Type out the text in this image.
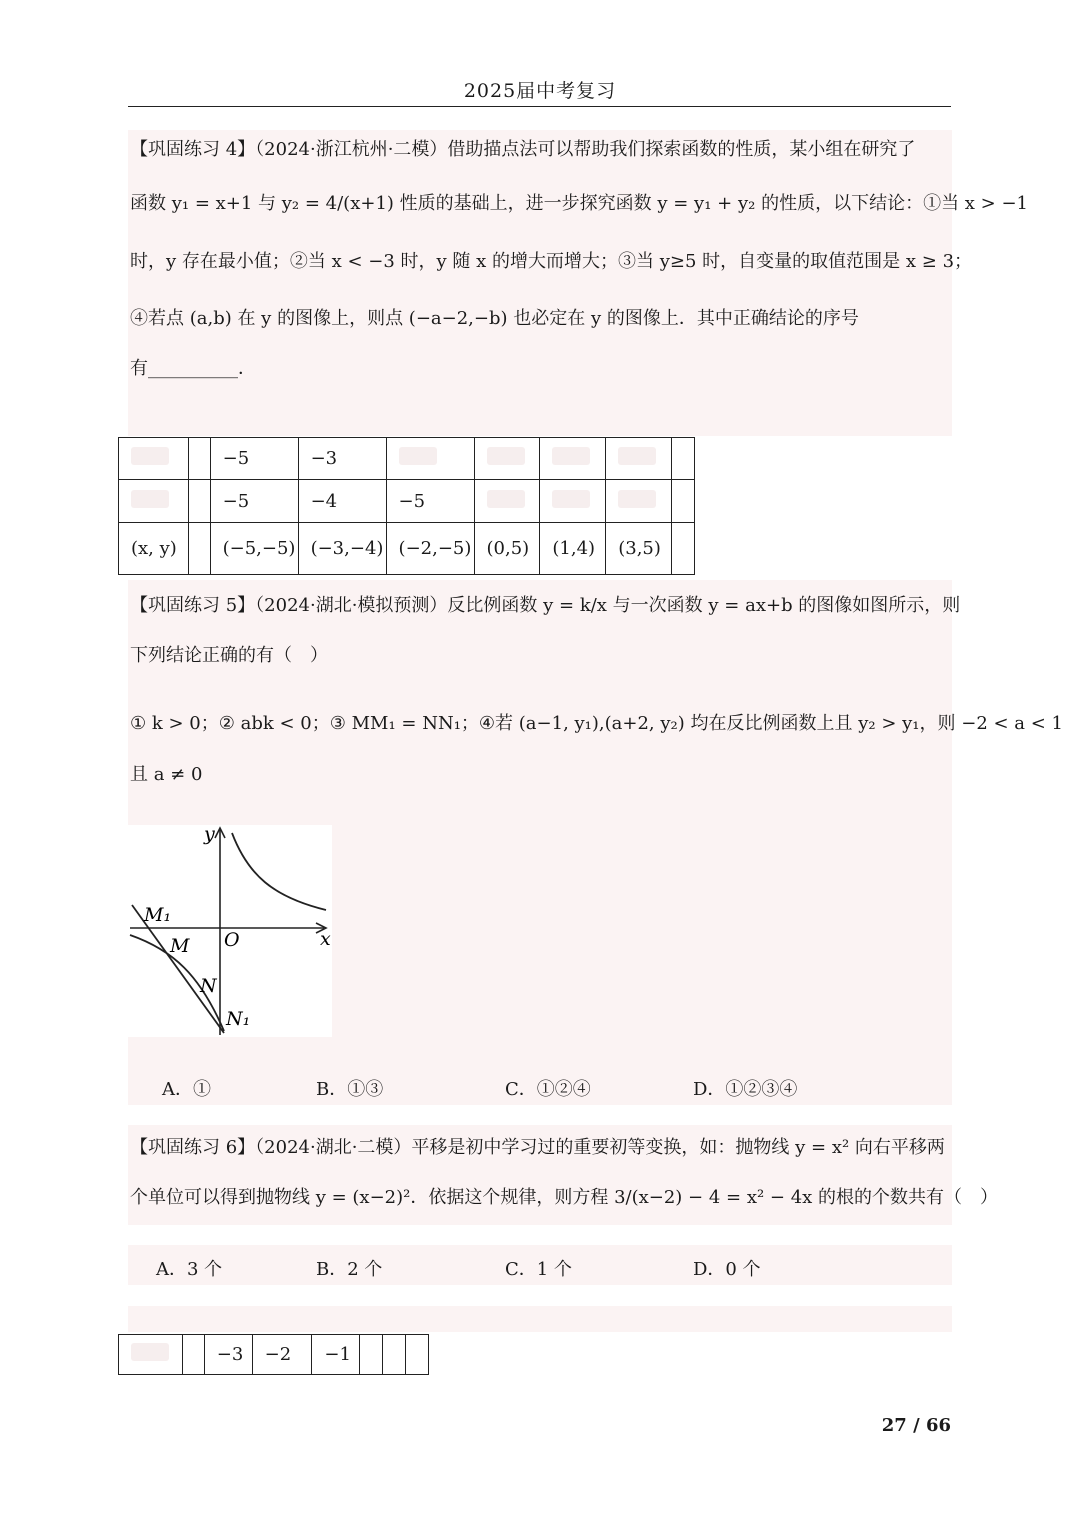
2025届中考复习
【巩固练习 4】（2024·浙江杭州·二模）借助描点法可以帮助我们探索函数的性质，某小组在研究了
函数 y₁ = x+1 与 y₂ = 4/(x+1) 性质的基础上，进一步探究函数 y = y₁ + y₂ 的性质，以下结论：①当 x > −1
时，y 存在最小值；②当 x < −3 时，y 随 x 的增大而增大；③当 y≥5 时，自变量的取值范围是 x ≥ 3；
④若点 (a,b) 在 y 的图像上，则点 (−a−2,−b) 也必定在 y 的图像上．其中正确结论的序号
有__________．
		−5	−3					
		−5	−4	−5				
(x, y)		(−5,−5)	(−3,−4)	(−2,−5)	(0,5)	(1,4)	(3,5)	
【巩固练习 5】（2024·湖北·模拟预测）反比例函数 y = k/x 与一次函数 y = ax+b 的图像如图所示，则
下列结论正确的有（　）
① k > 0；② abk < 0；③ MM₁ = NN₁；④若 (a−1, y₁),(a+2, y₂) 均在反比例函数上且 y₂ > y₁，则 −2 < a < 1
且 a ≠ 0
y
x
O
M₁
M
N
N₁
A．①	B．①③	C．①②④	D．①②③④
【巩固练习 6】（2024·湖北·二模）平移是初中学习过的重要初等变换，如：抛物线 y = x² 向右平移两
个单位可以得到抛物线 y = (x−2)²．依据这个规律，则方程 3/(x−2) − 4 = x² − 4x 的根的个数共有（　）
A．3 个	B．2 个	C．1 个	D．0 个
		−3	−2	−1			
27 / 66
